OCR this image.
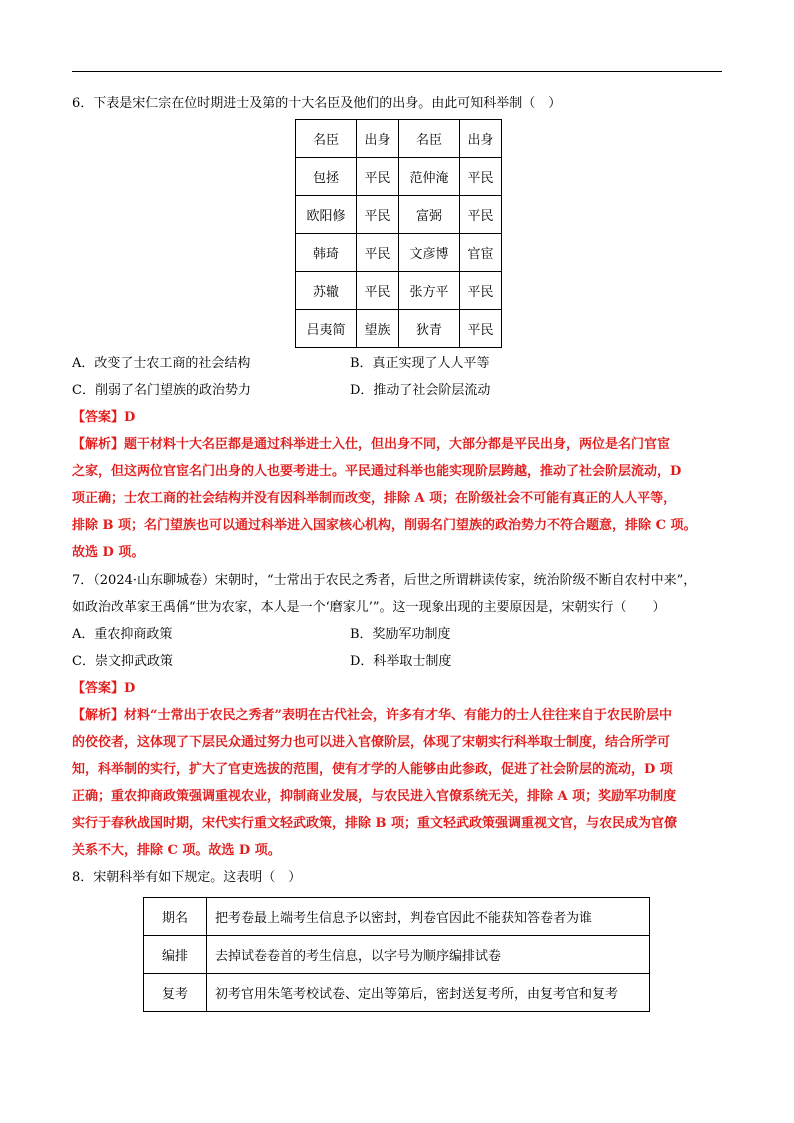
6．下表是宋仁宗在位时期进士及第的十大名臣及他们的出身。由此可知科举制（　）
名臣	出身	名臣	出身
包拯	平民	范仲淹	平民
欧阳修	平民	富弼	平民
韩琦	平民	文彦博	官宦
苏辙	平民	张方平	平民
吕夷简	望族	狄青	平民
A．改变了士农工商的社会结构	B．真正实现了人人平等
C．削弱了名门望族的政治势力	D．推动了社会阶层流动
【答案】D
【解析】题干材料十大名臣都是通过科举进士入仕，但出身不同，大部分都是平民出身，两位是名门官宦
之家，但这两位官宦名门出身的人也要考进士。平民通过科举也能实现阶层跨越，推动了社会阶层流动，D
项正确；士农工商的社会结构并没有因科举制而改变，排除 A 项；在阶级社会不可能有真正的人人平等，
排除 B 项；名门望族也可以通过科举进入国家核心机构，削弱名门望族的政治势力不符合题意，排除 C 项。
故选 D 项。
7．（2024·山东聊城卷）宋朝时，“士常出于农民之秀者，后世之所谓耕读传家，统治阶级不断自农村中来”，
如政治改革家王禹偁“世为农家，本人是一个‘磨家儿’”。这一现象出现的主要原因是，宋朝实行（　　）
A．重农抑商政策	B．奖励军功制度
C．崇文抑武政策	D．科举取士制度
【答案】D
【解析】材料“士常出于农民之秀者”表明在古代社会，许多有才华、有能力的士人往往来自于农民阶层中
的佼佼者，这体现了下层民众通过努力也可以进入官僚阶层，体现了宋朝实行科举取士制度，结合所学可
知，科举制的实行，扩大了官吏选拔的范围，使有才学的人能够由此参政，促进了社会阶层的流动，D 项
正确；重农抑商政策强调重视农业，抑制商业发展，与农民进入官僚系统无关，排除 A 项；奖励军功制度
实行于春秋战国时期，宋代实行重文轻武政策，排除 B 项；重文轻武政策强调重视文官，与农民成为官僚
关系不大，排除 C 项。故选 D 项。
8．宋朝科举有如下规定。这表明（　）
期名	把考卷最上端考生信息予以密封，判卷官因此不能获知答卷者为谁
编排	去掉试卷卷首的考生信息，以字号为顺序编排试卷
复考	初考官用朱笔考校试卷、定出等第后，密封送复考所，由复考官和复考
